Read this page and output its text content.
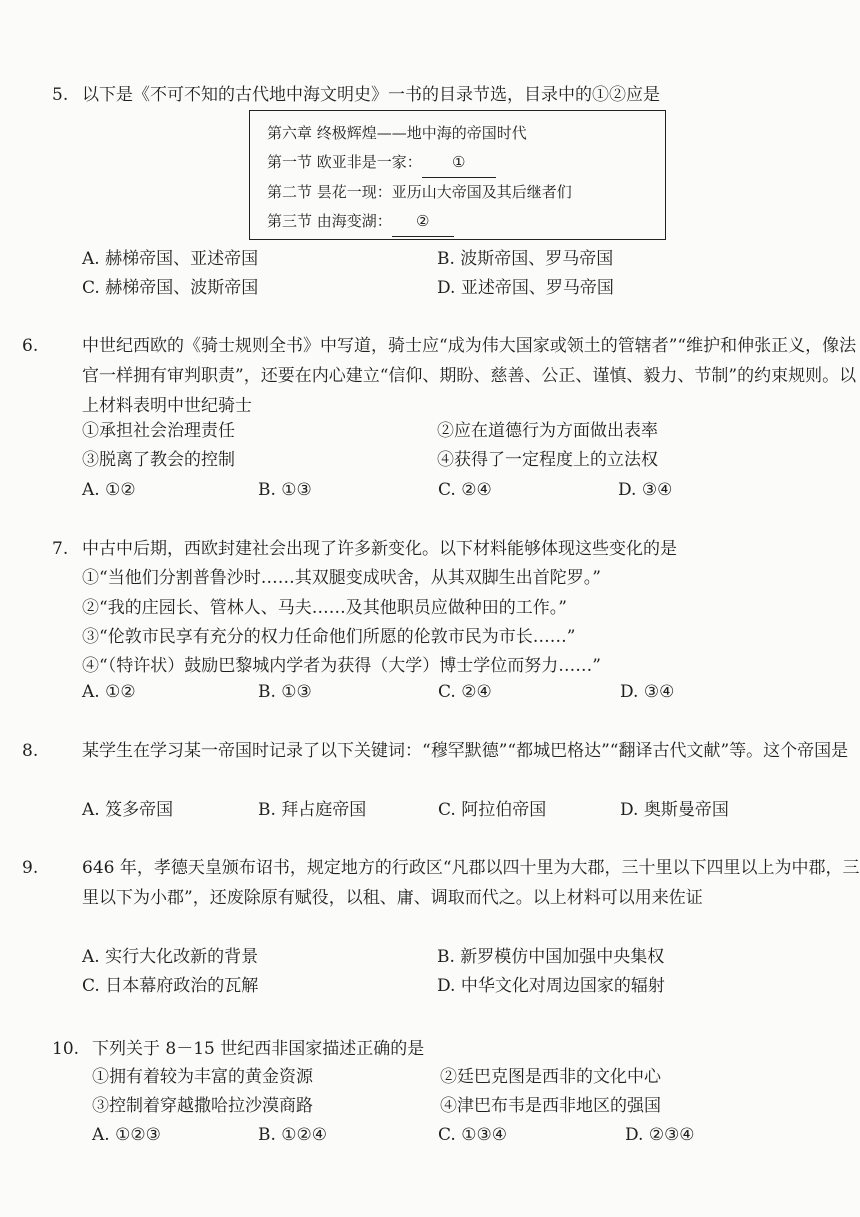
5. 以下是《不可不知的古代地中海文明史》一书的目录节选，目录中的①②应是
第六章 终极辉煌——地中海的帝国时代
第一节 欧亚非是一家： ①
第二节 昙花一现：亚历山大帝国及其后继者们
第三节 由海变湖： ②
A. 赫梯帝国、亚述帝国	B. 波斯帝国、罗马帝国
C. 赫梯帝国、波斯帝国	D. 亚述帝国、罗马帝国
6.	中世纪西欧的《骑士规则全书》中写道，骑士应“成为伟大国家或领土的管辖者”“维护和伸张正义，像法官一样拥有审判职责”，还要在内心建立“信仰、期盼、慈善、公正、谨慎、毅力、节制”的约束规则。以上材料表明中世纪骑士
①承担社会治理责任	②应在道德行为方面做出表率
③脱离了教会的控制	④获得了一定程度上的立法权
A. ①②	B. ①③	C. ②④	D. ③④
7. 中古中后期，西欧封建社会出现了许多新变化。以下材料能够体现这些变化的是
①“当他们分割普鲁沙时……其双腿变成吠舍，从其双脚生出首陀罗。”
②“我的庄园长、管林人、马夫……及其他职员应做种田的工作。”
③“伦敦市民享有充分的权力任命他们所愿的伦敦市民为市长……”
④“（特许状）鼓励巴黎城内学者为获得（大学）博士学位而努力……”
A. ①②	B. ①③	C. ②④	D. ③④
8.	某学生在学习某一帝国时记录了以下关键词：“穆罕默德”“都城巴格达”“翻译古代文献”等。这个帝国是
A. 笈多帝国	B. 拜占庭帝国	C. 阿拉伯帝国	D. 奥斯曼帝国
9.	646 年，孝德天皇颁布诏书，规定地方的行政区“凡郡以四十里为大郡，三十里以下四里以上为中郡，三里以下为小郡”，还废除原有赋役，以租、庸、调取而代之。以上材料可以用来佐证
A. 实行大化改新的背景	B. 新罗模仿中国加强中央集权
C. 日本幕府政治的瓦解	D. 中华文化对周边国家的辐射
10. 下列关于 8－15 世纪西非国家描述正确的是
①拥有着较为丰富的黄金资源	②廷巴克图是西非的文化中心
③控制着穿越撒哈拉沙漠商路	④津巴布韦是西非地区的强国
A. ①②③	B. ①②④	C. ①③④	D. ②③④
